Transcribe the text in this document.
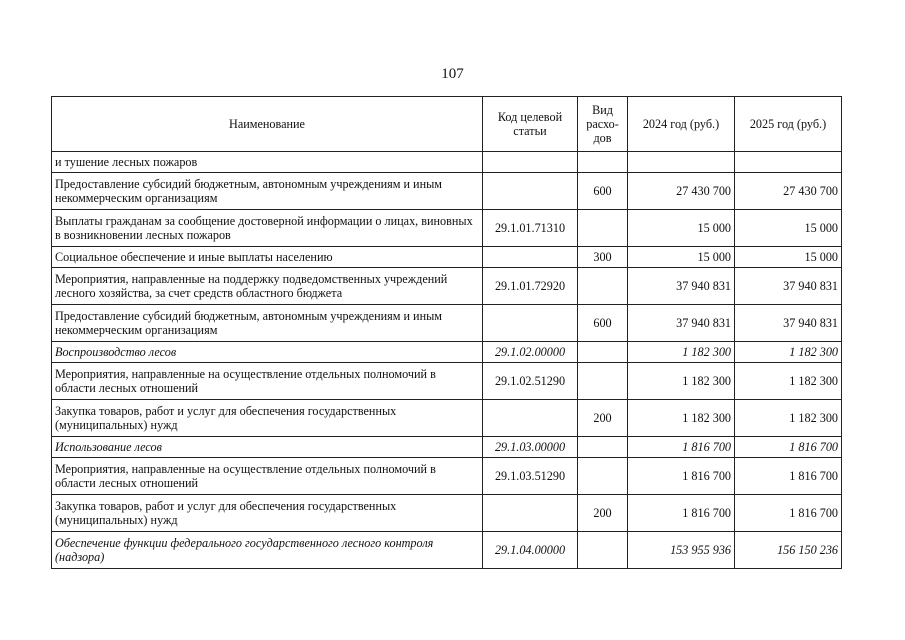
107
Наименование	Код целевой статьи	Вид расхо-дов	2024 год (руб.)	2025 год (руб.)
и тушение лесных пожаров				
Предоставление субсидий бюджетным, автономным учреждениям и иным некоммерческим организациям		600	27 430 700	27 430 700
Выплаты гражданам за сообщение достоверной информации о лицах, виновных в возникновении лесных пожаров	29.1.01.71310		15 000	15 000
Социальное обеспечение и иные выплаты населению		300	15 000	15 000
Мероприятия, направленные на поддержку подведомственных учреждений лесного хозяйства, за счет средств областного бюджета	29.1.01.72920		37 940 831	37 940 831
Предоставление субсидий бюджетным, автономным учреждениям и иным некоммерческим организациям		600	37 940 831	37 940 831
Воспроизводство лесов	29.1.02.00000		1 182 300	1 182 300
Мероприятия, направленные на осуществление отдельных полномочий в области лесных отношений	29.1.02.51290		1 182 300	1 182 300
Закупка товаров, работ и услуг для обеспечения государственных (муниципальных) нужд		200	1 182 300	1 182 300
Использование лесов	29.1.03.00000		1 816 700	1 816 700
Мероприятия, направленные на осуществление отдельных полномочий в области лесных отношений	29.1.03.51290		1 816 700	1 816 700
Закупка товаров, работ и услуг для обеспечения государственных (муниципальных) нужд		200	1 816 700	1 816 700
Обеспечение функции федерального государственного лесного контроля (надзора)	29.1.04.00000		153 955 936	156 150 236
